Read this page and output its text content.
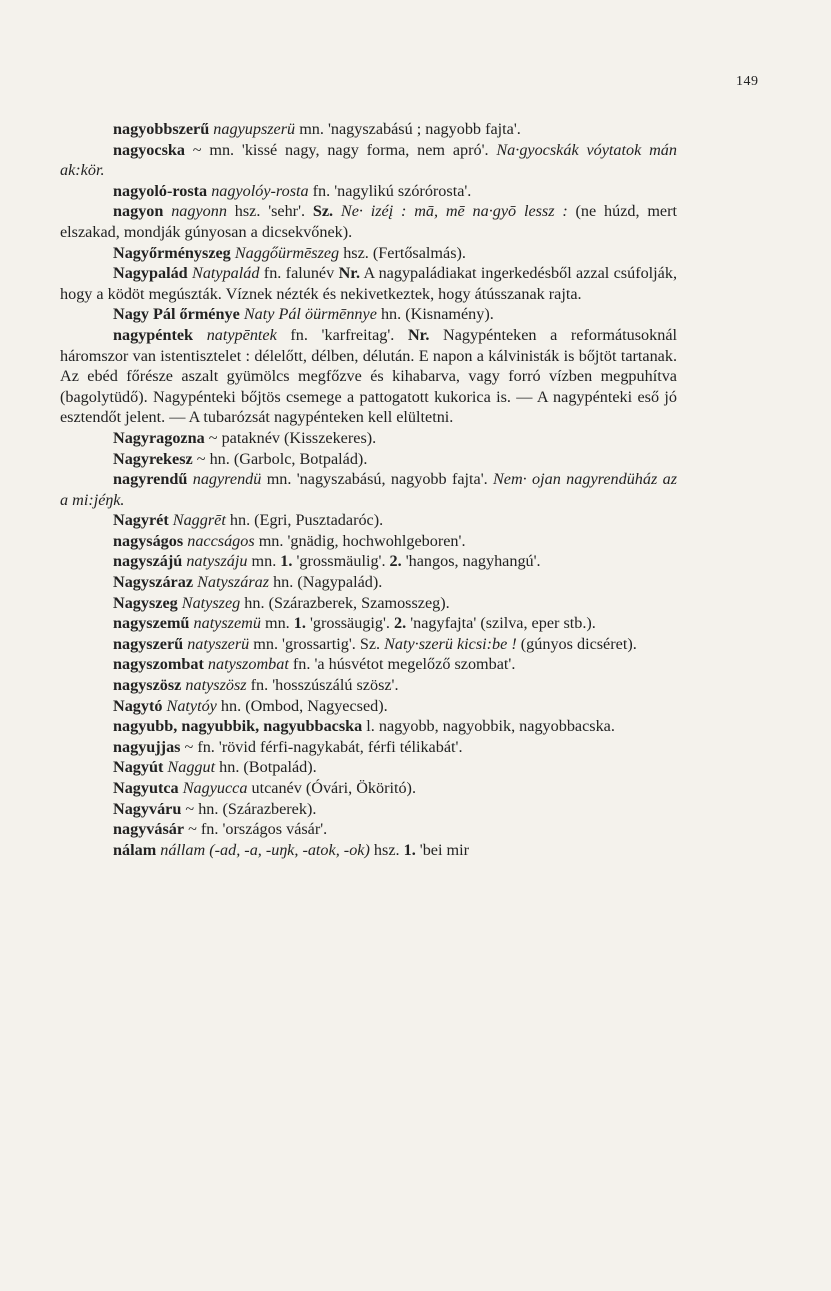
149

nagyobbszerű nagyupszerü mn. 'nagyszabású ; nagyobb fajta'.

nagyocska ~ mn. 'kissé nagy, nagy forma, nem apró'. Na·gyocskák vóytatok mán ak:kör.

nagyoló-rosta nagyolóy-rosta fn. 'nagylikú szórórosta'.

nagyon nagyonn hsz. 'sehr'. Sz. Ne· izéį : mā, mē na·gyō lessz : (ne húzd, mert elszakad, mondják gúnyosan a dicsekvőnek).

Nagyőrményszeg Naggőürmēszeg hsz. (Fertősalmás).

Nagypalád Natypalád fn. falunév Nr. A nagypaládiakat ingerkedésből azzal csúfolják, hogy a ködöt megúszták. Víznek nézték és nekivetkeztek, hogy átússzanak rajta.

Nagy Pál őrménye Naty Pál öürmēnnye hn. (Kisnamény).

nagypéntek natypēntek fn. 'karfreitag'. Nr. Nagypénteken a reformátusoknál háromszor van istentisztelet : délelőtt, délben, délután. E napon a kálvinisták is bőjtöt tartanak. Az ebéd főrésze aszalt gyümölcs megfőzve és kihabarva, vagy forró vízben megpuhítva (bagolytüdő). Nagypénteki bőjtös csemege a pattogatott kukorica is. — A nagypénteki eső jó esztendőt jelent. — A tubarózsát nagypénteken kell elültetni.

Nagyragozna ~ pataknév (Kisszekeres).

Nagyrekesz ~ hn. (Garbolc, Botpalád).

nagyrendű nagyrendü mn. 'nagyszabású, nagyobb fajta'. Nem· ojan nagyrendüház az a mi:jéŋk.

Nagyrét Naggrēt hn. (Egri, Pusztadaróc).

nagyságos naccságos mn. 'gnädig, hochwohlgeboren'.

nagyszájú natyszáju mn. 1. 'grossmäulig'. 2. 'hangos, nagyhangú'.

Nagyszáraz Natyszáraz hn. (Nagypalád).

Nagyszeg Natyszeg hn. (Szárazberek, Szamosszeg).

nagyszemű natyszemü mn. 1. 'grossäugig'. 2. 'nagyfajta' (szilva, eper stb.).

nagyszerű natyszerü mn. 'grossartig'. Sz. Naty·szerü kicsi:be ! (gúnyos dicséret).

nagyszombat natyszombat fn. 'a húsvétot megelőző szombat'.

nagyszösz natyszösz fn. 'hosszúszálú szösz'.

Nagytó Natytóy hn. (Ombod, Nagyecsed).

nagyubb, nagyubbik, nagyubbacska l. nagyobb, nagyobbik, nagyobbacska.

nagyujjas ~ fn. 'rövid férfi-nagykabát, férfi télikabát'.

Nagyút Naggut hn. (Botpalád).

Nagyutca Nagyucca utcanév (Óvári, Ököritó).

Nagyváru ~ hn. (Szárazberek).

nagyvásár ~ fn. 'országos vásár'.

nálam nállam (-ad, -a, -uŋk, -atok, -ok) hsz. 1. 'bei mir
